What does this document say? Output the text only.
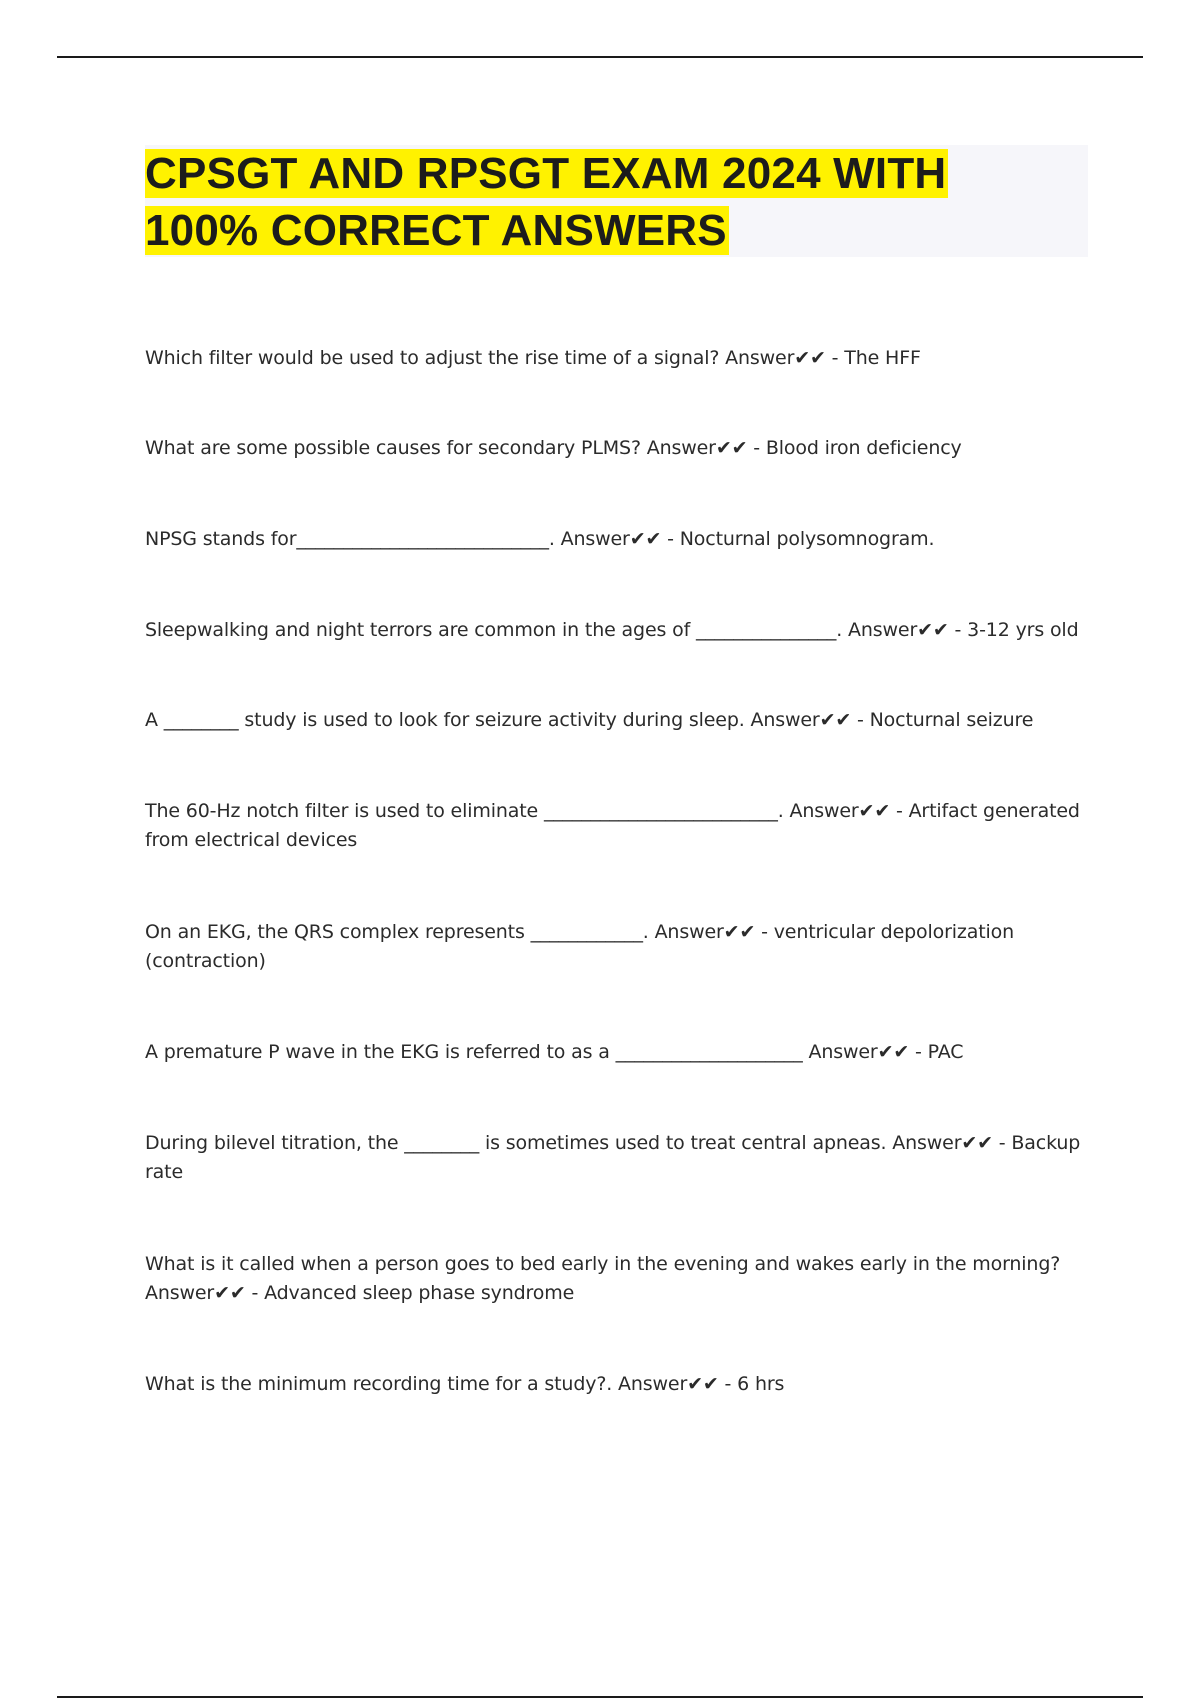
CPSGT AND RPSGT EXAM 2024 WITH
100% CORRECT ANSWERS
Which filter would be used to adjust the rise time of a signal? Answer✔✔ - The HFF
What are some possible causes for secondary PLMS? Answer✔✔ - Blood iron deficiency
NPSG stands for___________________________. Answer✔✔ - Nocturnal polysomnogram.
Sleepwalking and night terrors are common in the ages of _______________. Answer✔✔ - 3-12 yrs old
A ________ study is used to look for seizure activity during sleep. Answer✔✔ - Nocturnal seizure
The 60-Hz notch filter is used to eliminate _________________________. Answer✔✔ - Artifact generated from electrical devices
On an EKG, the QRS complex represents ____________. Answer✔✔ - ventricular depolorization (contraction)
A premature P wave in the EKG is referred to as a ____________________ Answer✔✔ - PAC
During bilevel titration, the ________ is sometimes used to treat central apneas. Answer✔✔ - Backup rate
What is it called when a person goes to bed early in the evening and wakes early in the morning? Answer✔✔ - Advanced sleep phase syndrome
What is the minimum recording time for a study?. Answer✔✔ - 6 hrs
